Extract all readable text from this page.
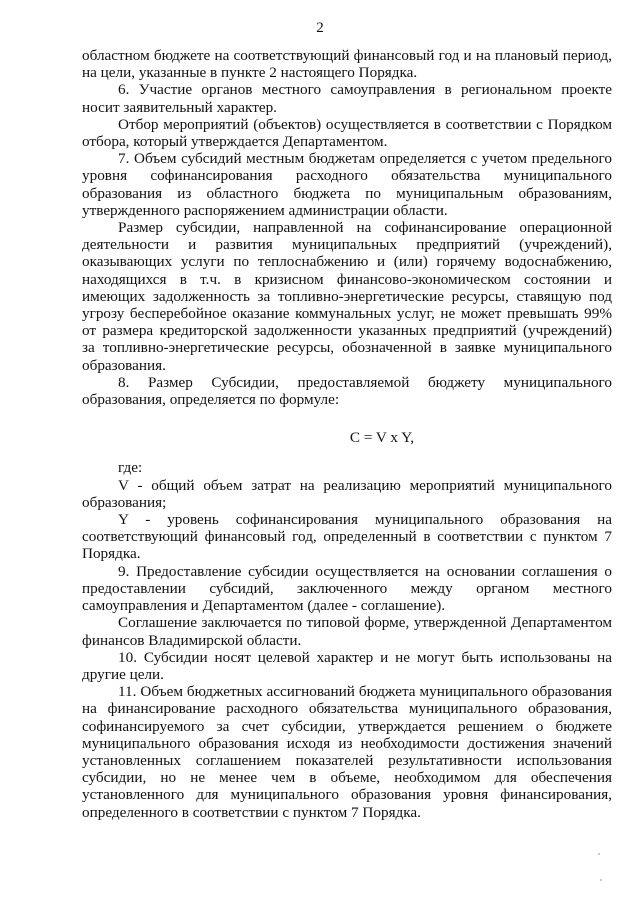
2

областном бюджете на соответствующий финансовый год и на плановый период, на цели, указанные в пункте 2 настоящего Порядка.

6. Участие органов местного самоуправления в региональном проекте носит заявительный характер.

Отбор мероприятий (объектов) осуществляется в соответствии с Порядком отбора, который утверждается Департаментом.

7. Объем субсидий местным бюджетам определяется с учетом предельного уровня софинансирования расходного обязательства муниципального образования из областного бюджета по муниципальным образованиям, утвержденного распоряжением администрации области.

Размер субсидии, направленной на софинансирование операционной деятельности и развития муниципальных предприятий (учреждений), оказывающих услуги по теплоснабжению и (или) горячему водоснабжению, находящихся в т.ч. в кризисном финансово-экономическом состоянии и имеющих задолженность за топливно-энергетические ресурсы, ставящую под угрозу бесперебойное оказание коммунальных услуг, не может превышать 99% от размера кредиторской задолженности указанных предприятий (учреждений) за топливно-энергетические ресурсы, обозначенной в заявке муниципального образования.

8. Размер Субсидии, предоставляемой бюджету муниципального образования, определяется по формуле:

C = V x Y,

где:

V - общий объем затрат на реализацию мероприятий муниципального образования;

Y - уровень софинансирования муниципального образования на соответствующий финансовый год, определенный в соответствии с пунктом 7 Порядка.

9. Предоставление субсидии осуществляется на основании соглашения о предоставлении субсидий, заключенного между органом местного самоуправления и Департаментом (далее - соглашение).

Соглашение заключается по типовой форме, утвержденной Департаментом финансов Владимирской области.

10. Субсидии носят целевой характер и не могут быть использованы на другие цели.

11. Объем бюджетных ассигнований бюджета муниципального образования на финансирование расходного обязательства муниципального образования, софинансируемого за счет субсидии, утверждается решением о бюджете муниципального образования исходя из необходимости достижения значений установленных соглашением показателей результативности использования субсидии, но не менее чем в объеме, необходимом для обеспечения установленного для муниципального образования уровня финансирования, определенного в соответствии с пунктом 7 Порядка.
